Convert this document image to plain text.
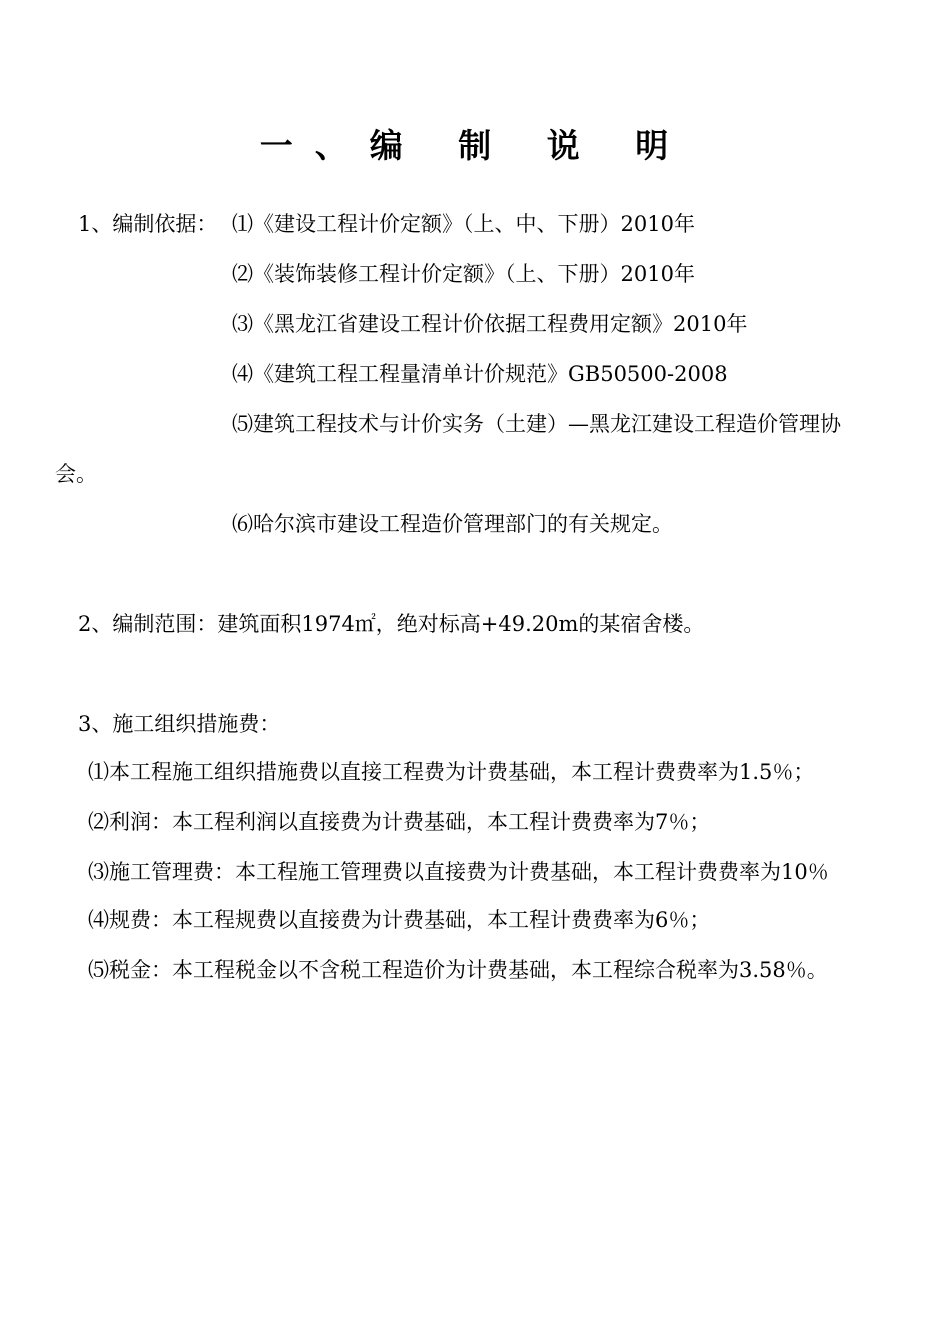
一、编 制 说 明
1、编制依据： ⑴《建设工程计价定额》（上、中、下册）2010年
⑵《装饰装修工程计价定额》（上、下册）2010年
⑶《黑龙江省建设工程计价依据工程费用定额》2010年
⑷《建筑工程工程量清单计价规范》GB50500-2008
⑸建筑工程技术与计价实务（土建）—黑龙江建设工程造价管理协
会。
⑹哈尔滨市建设工程造价管理部门的有关规定。
2、编制范围：建筑面积1974㎡，绝对标高+49.20m的某宿舍楼。
3、施工组织措施费：
⑴本工程施工组织措施费以直接工程费为计费基础，本工程计费费率为1.5％；
⑵利润：本工程利润以直接费为计费基础，本工程计费费率为7％；
⑶施工管理费：本工程施工管理费以直接费为计费基础，本工程计费费率为10％
⑷规费：本工程规费以直接费为计费基础，本工程计费费率为6％；
⑸税金：本工程税金以不含税工程造价为计费基础，本工程综合税率为3.58％。
